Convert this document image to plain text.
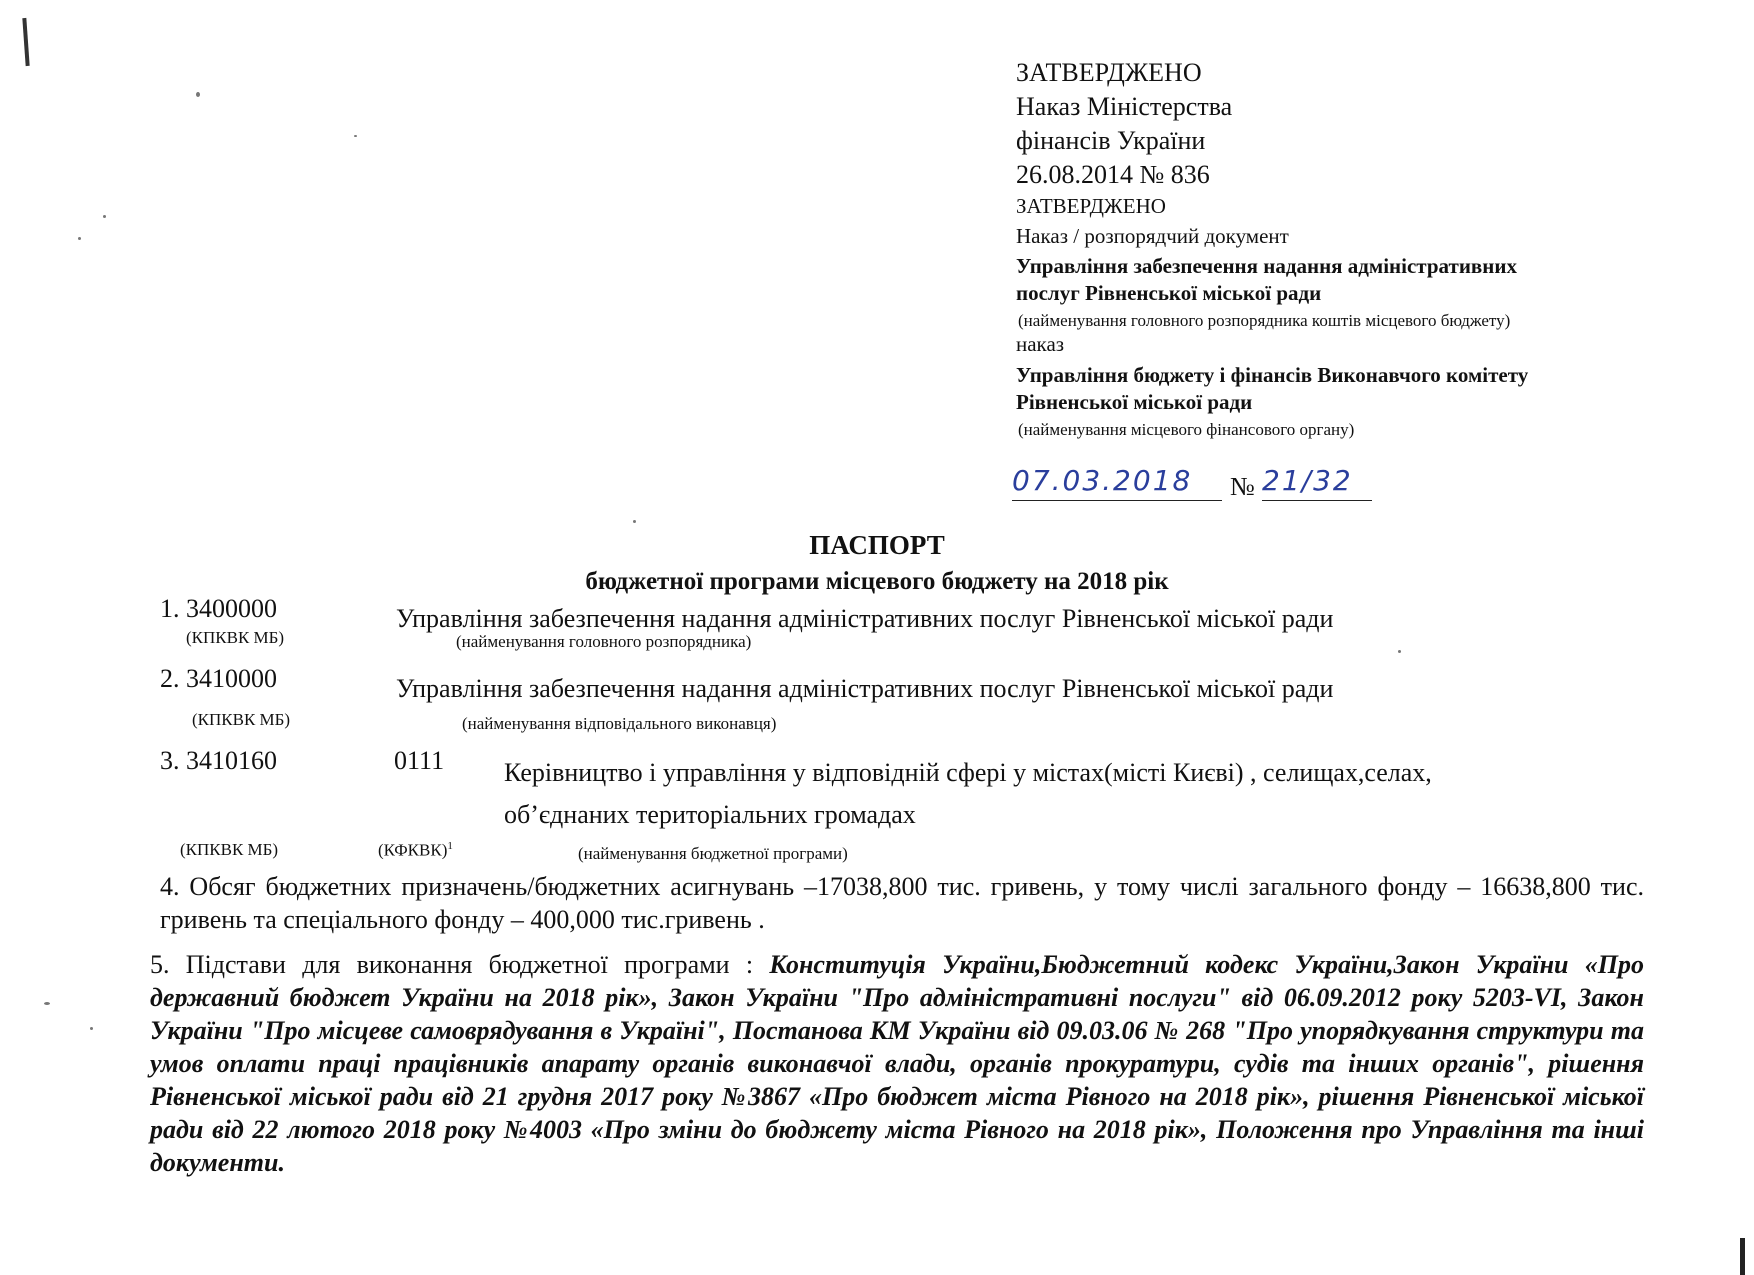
ЗАТВЕРДЖЕНО
Наказ Міністерства
фінансів України
26.08.2014 № 836
ЗАТВЕРДЖЕНО
Наказ / розпорядчий документ
Управління забезпечення надання адміністративних
послуг Рівненської міської ради
(найменування головного розпорядника коштів місцевого бюджету)
наказ
Управління бюджету і фінансів Виконавчого комітету
Рівненської міської ради
(найменування місцевого фінансового органу)
07.03.2018	№ 21/32
ПАСПОРТ
бюджетної програми місцевого бюджету на 2018 рік
1. 3400000	Управління забезпечення надання адміністративних послуг Рівненської міської ради
(КПКВК МБ)	(найменування головного розпорядника)
2. 3410000	Управління забезпечення надання адміністративних послуг Рівненської міської ради
(КПКВК МБ)	(найменування відповідального виконавця)
3. 3410160	0111 Керівництво і управління у відповідній сфері у містах(місті Києві) , селищах,селах,
об’єднаних територіальних громадах
(КПКВК МБ)	(КФКВК)$^1$	(найменування бюджетної програми)
4. Обсяг бюджетних призначень/бюджетних асигнувань –17038,800 тис. гривень, у тому числі загального фонду – 16638,800 тис. гривень та спеціального фонду – 400,000 тис.гривень .
5. Підстави для виконання бюджетної програми : Конституція України,Бюджетний кодекс України,Закон України «Про державний бюджет України на 2018 рік», Закон України "Про адміністративні послуги" від 06.09.2012 року 5203-VI, Закон України "Про місцеве самоврядування в Україні", Постанова КМ України від 09.03.06 № 268 "Про упорядкування структури та умов оплати праці працівників апарату органів виконавчої влади, органів прокуратури, судів та інших органів", рішення Рівненської міської ради від 21 грудня 2017 року №3867 «Про бюджет міста Рівного на 2018 рік», рішення Рівненської міської ради від 22 лютого 2018 року №4003 «Про зміни до бюджету міста Рівного на 2018 рік», Положення про Управління та інші документи.
